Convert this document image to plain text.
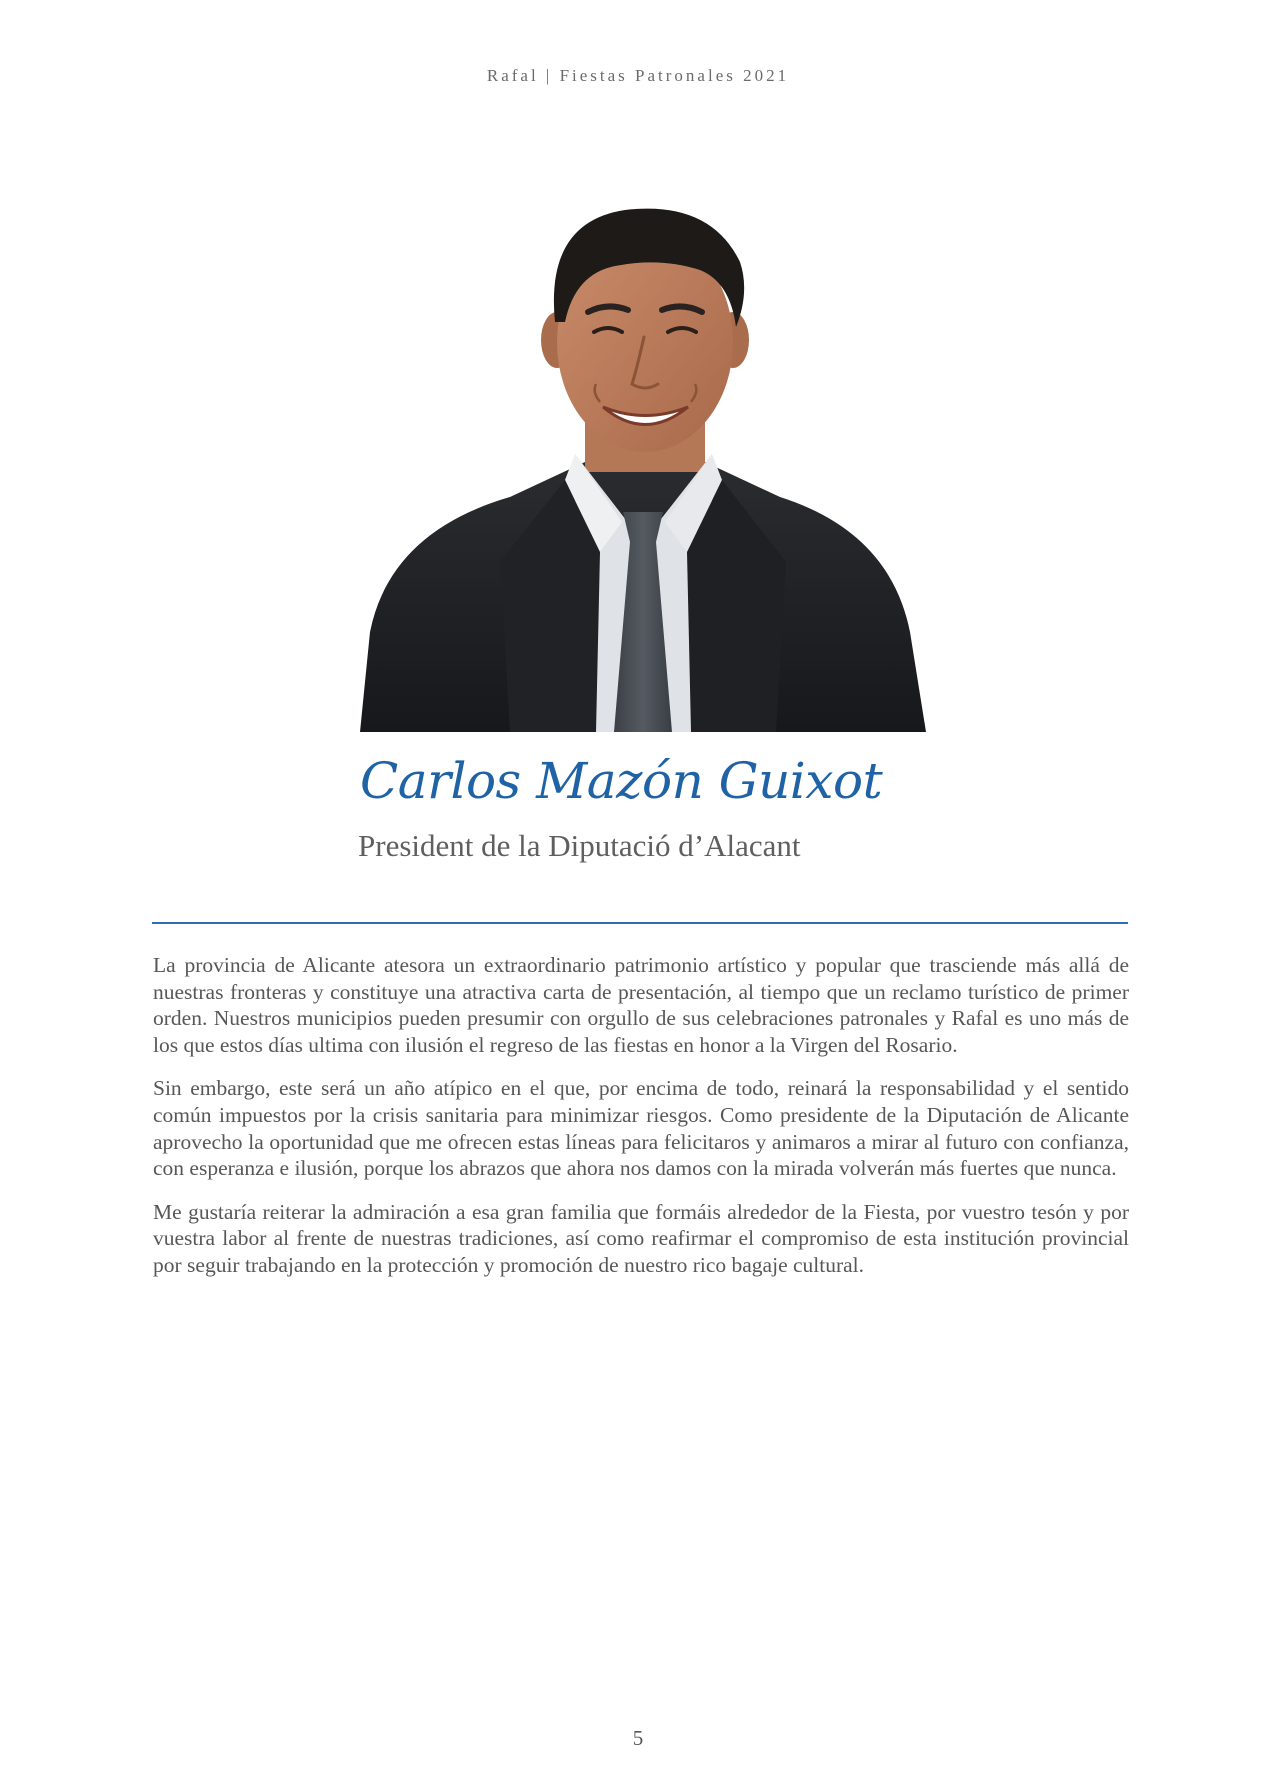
Rafal | Fiestas Patronales 2021
Carlos Mazón Guixot
President de la Diputació d’Alacant

La provincia de Alicante atesora un extraordinario patrimonio artístico y popular que trasciende más allá de nuestras fronteras y constituye una atractiva carta de presentación, al tiempo que un reclamo turístico de primer orden. Nuestros municipios pueden presumir con orgullo de sus celebraciones patronales y Rafal es uno más de los que estos días ultima con ilusión el regreso de las fiestas en honor a la Virgen del Rosario.

Sin embargo, este será un año atípico en el que, por encima de todo, reinará la responsabilidad y el sentido común impuestos por la crisis sanitaria para minimizar riesgos. Como presidente de la Diputación de Alicante aprovecho la oportunidad que me ofrecen estas líneas para felicitaros y animaros a mirar al futuro con confianza, con esperanza e ilusión, porque los abrazos que ahora nos damos con la mirada volverán más fuertes que nunca.

Me gustaría reiterar la admiración a esa gran familia que formáis alrededor de la Fiesta, por vuestro tesón y por vuestra labor al frente de nuestras tradiciones, así como reafirmar el compromiso de esta institución provincial por seguir trabajando en la protección y promoción de nuestro rico bagaje cultural.

5
